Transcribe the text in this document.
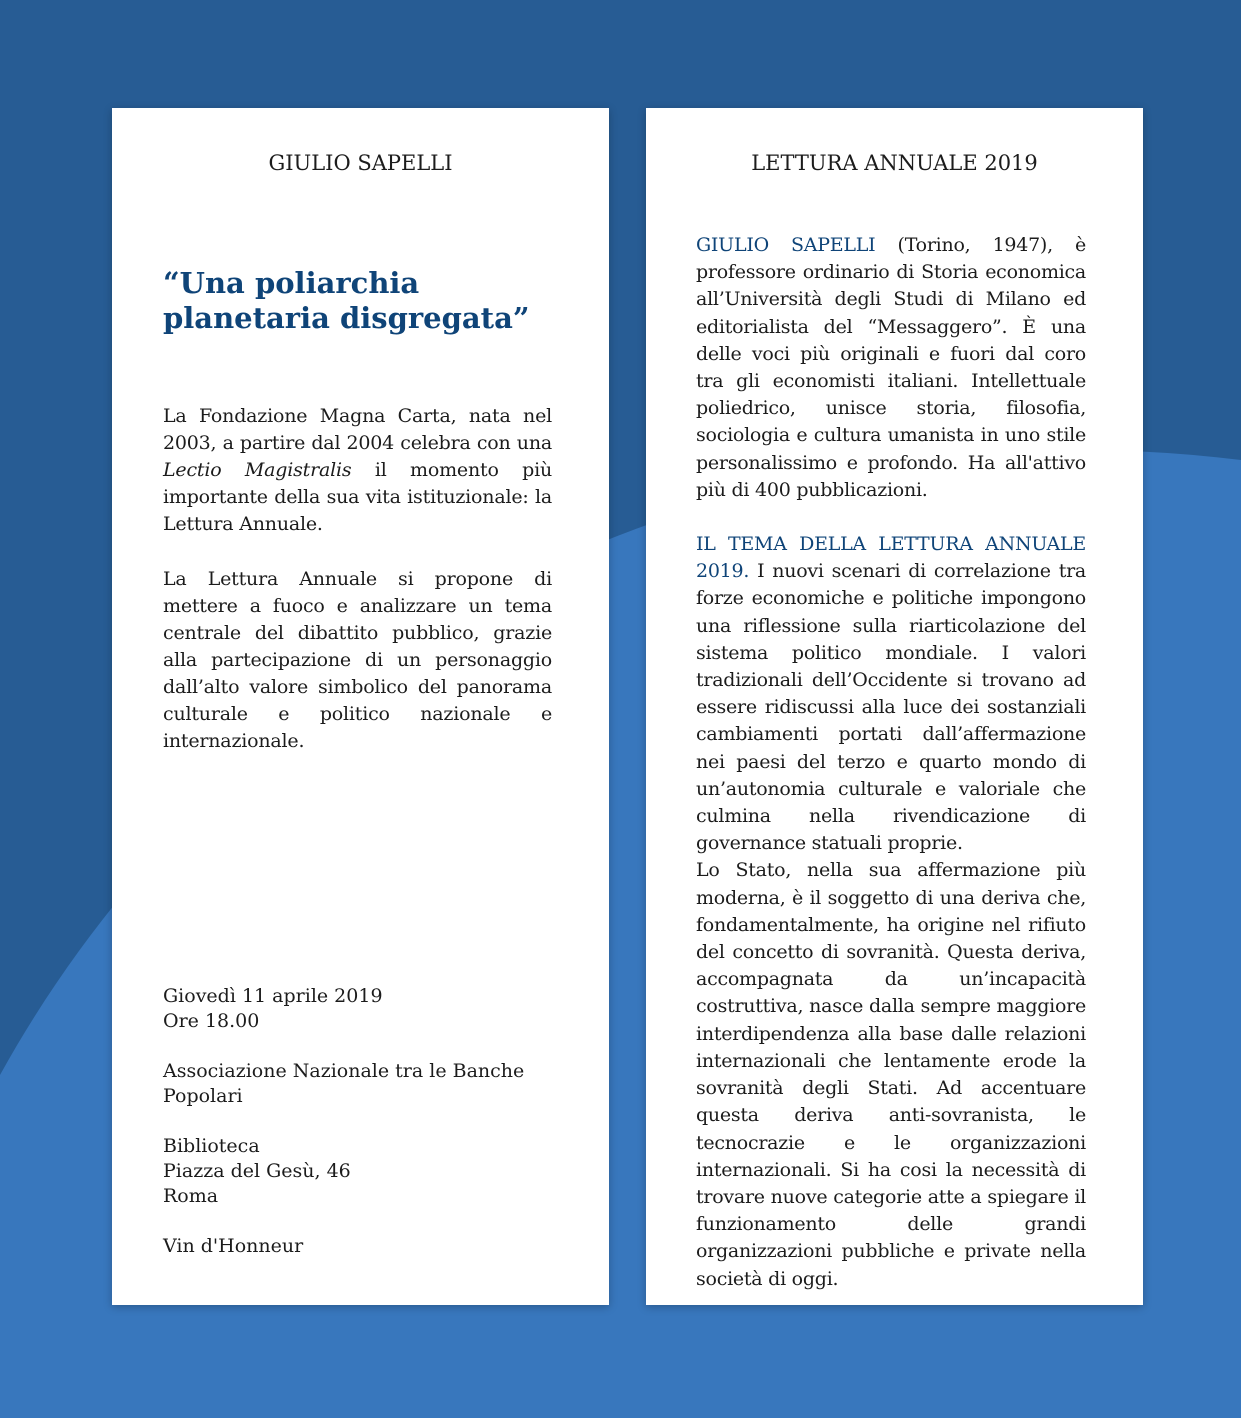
GIULIO SAPELLI
“Una poliarchia planetaria disgregata”

La Fondazione Magna Carta, nata nel 2003, a partire dal 2004 celebra con una Lectio Magistralis il momento più importante della sua vita istituzionale: la Lettura Annuale.

La Lettura Annuale si propone di mettere a fuoco e analizzare un tema centrale del dibattito pubblico, grazie alla partecipazione di un personaggio dall’alto valore simbolico del panorama culturale e politico nazionale e internazionale.

Giovedì 11 aprile 2019
Ore 18.00

Associazione Nazionale tra le Banche
Popolari

Biblioteca
Piazza del Gesù, 46
Roma

Vin d'Honneur

LETTURA ANNUALE 2019

GIULIO SAPELLI (Torino, 1947), è professore ordinario di Storia economica all’Università degli Studi di Milano ed editorialista del “Messaggero”. È una delle voci più originali e fuori dal coro tra gli economisti italiani. Intellettuale poliedrico, unisce storia, filosofia, sociologia e cultura umanista in uno stile personalissimo e profondo. Ha all'attivo più di 400 pubblicazioni.

IL TEMA DELLA LETTURA ANNUALE 2019. I nuovi scenari di correlazione tra forze economiche e politiche impongono una riflessione sulla riarticolazione del sistema politico mondiale. I valori tradizionali dell’Occidente si trovano ad essere ridiscussi alla luce dei sostanziali cambiamenti portati dall’affermazione nei paesi del terzo e quarto mondo di un’autonomia culturale e valoriale che culmina nella rivendicazione di governance statuali proprie.

Lo Stato, nella sua affermazione più moderna, è il soggetto di una deriva che, fondamentalmente, ha origine nel rifiuto del concetto di sovranità. Questa deriva, accompagnata da un’incapacità costruttiva, nasce dalla sempre maggiore interdipendenza alla base dalle relazioni internazionali che lentamente erode la sovranità degli Stati. Ad accentuare questa deriva anti-sovranista, le tecnocrazie e le organizzazioni internazionali. Si ha cosi la necessità di trovare nuove categorie atte a spiegare il funzionamento delle grandi organizzazioni pubbliche e private nella società di oggi.
